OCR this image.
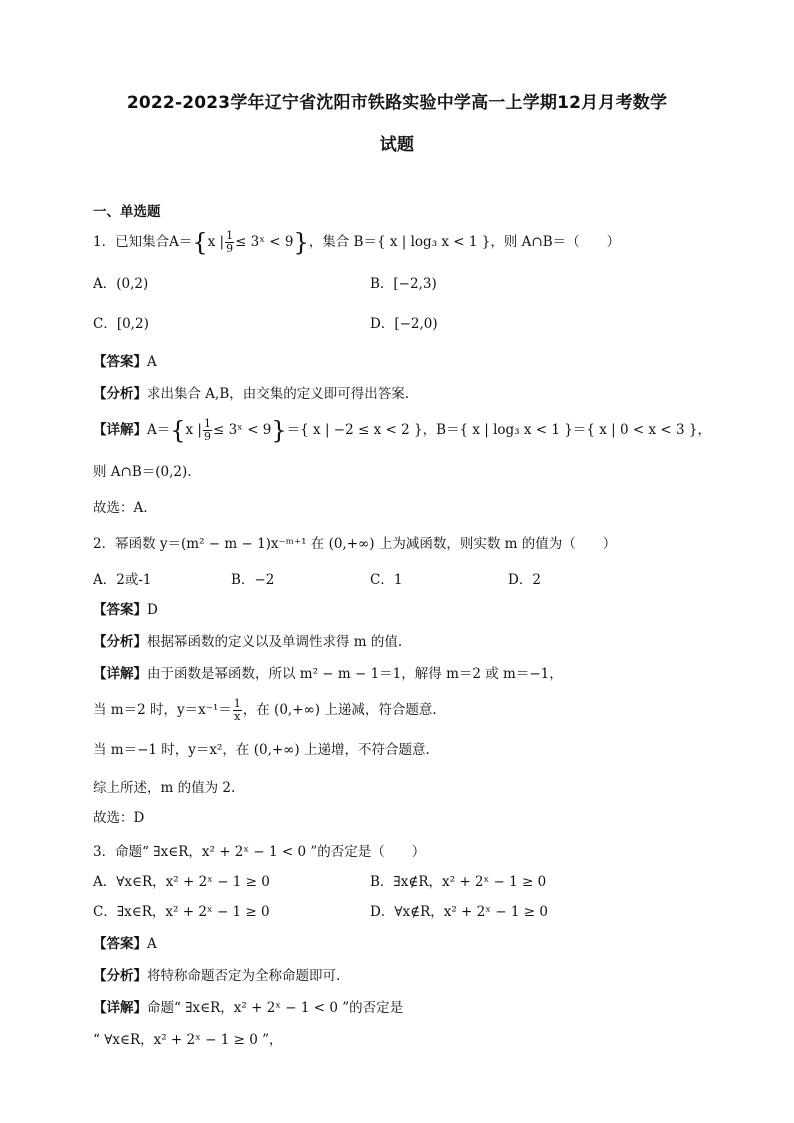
2022-2023学年辽宁省沈阳市铁路实验中学高一上学期12月月考数学
试题
一、单选题
1．已知集合A＝{x | $\frac{1}{9}$ ≤ 3ˣ < 9}，集合 B＝{ x | log₃ x < 1 }，则 A∩B＝（　　）
A．(0,2)	B．[−2,3)
C．[0,2)	D．[−2,0)
【答案】A
【分析】求出集合 A,B，由交集的定义即可得出答案.
【详解】A＝{x | $\frac{1}{9}$ ≤ 3ˣ < 9}＝{ x | −2 ≤ x < 2 }，B＝{ x | log₃ x < 1 }＝{ x | 0 < x < 3 }，
则 A∩B＝(0,2).
故选：A.
2．幂函数 y＝(m² − m − 1)x⁻ᵐ⁺¹ 在 (0,+∞) 上为减函数，则实数 m 的值为（　　）
A．2或-1	B．−2	C．1	D．2
【答案】D
【分析】根据幂函数的定义以及单调性求得 m 的值.
【详解】由于函数是幂函数，所以 m² − m − 1＝1，解得 m＝2 或 m＝−1，
当 m＝2 时，$y=x^{-1}= \frac{1}{x}$ ，在 (0,+∞) 上递减，符合题意.
当 m＝−1 时，y＝x²，在 (0,+∞) 上递增，不符合题意.
综上所述，m 的值为 2.
故选：D
3．命题“ ∃x∈R，x² + 2ˣ − 1 < 0 ”的否定是（　　）
A．∀x∈R，x² + 2ˣ − 1 ≥ 0	B．∃x∉R，x² + 2ˣ − 1 ≥ 0
C．∃x∈R，x² + 2ˣ − 1 ≥ 0	D．∀x∉R，x² + 2ˣ − 1 ≥ 0
【答案】A
【分析】将特称命题否定为全称命题即可.
【详解】命题“ ∃x∈R，x² + 2ˣ − 1 < 0 ”的否定是
“ ∀x∈R，x² + 2ˣ − 1 ≥ 0 ”，
